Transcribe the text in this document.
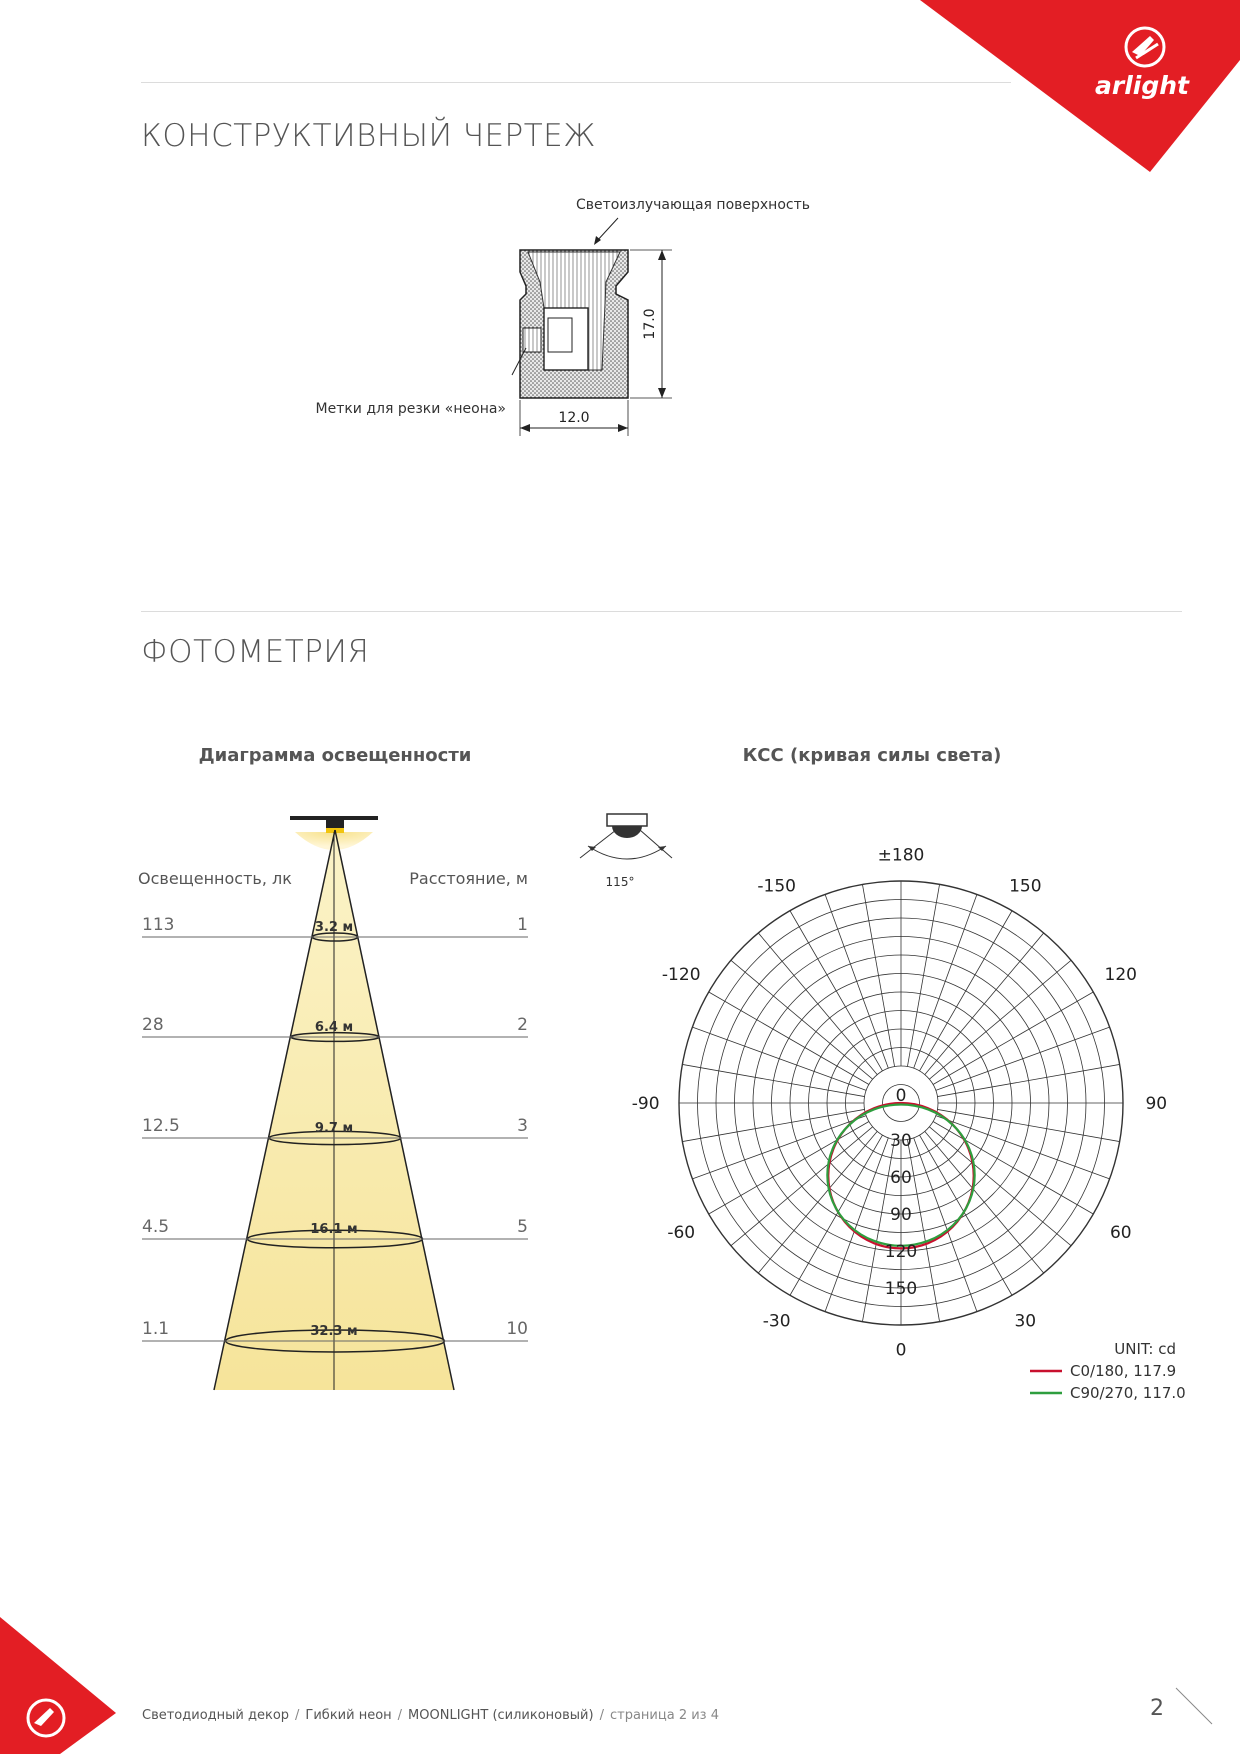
arlight
КОНСТРУКТИВНЫЙ ЧЕРТЕЖ
Светоизлучающая поверхность
Метки для резки «неона»
17.0
12.0
ФОТОМЕТРИЯ
Диаграмма освещенности	КСС (кривая силы света)
113	1
3.2 м
28	2
6.4 м
12.5	3
9.7 м
4.5	5
16.1 м
1.1	10
32.3 м
Освещенность, лк	Расстояние, м	115°
±180
-150	150
-120	120
-90	90
-60	60
-30	30
0
0
30
60
90
120
150
UNIT: cd
C0/180, 117.9
C90/270, 117.0
Светодиодный декор / Гибкий неон / MOONLIGHT (силиконовый) / страница 2 из 4	2
